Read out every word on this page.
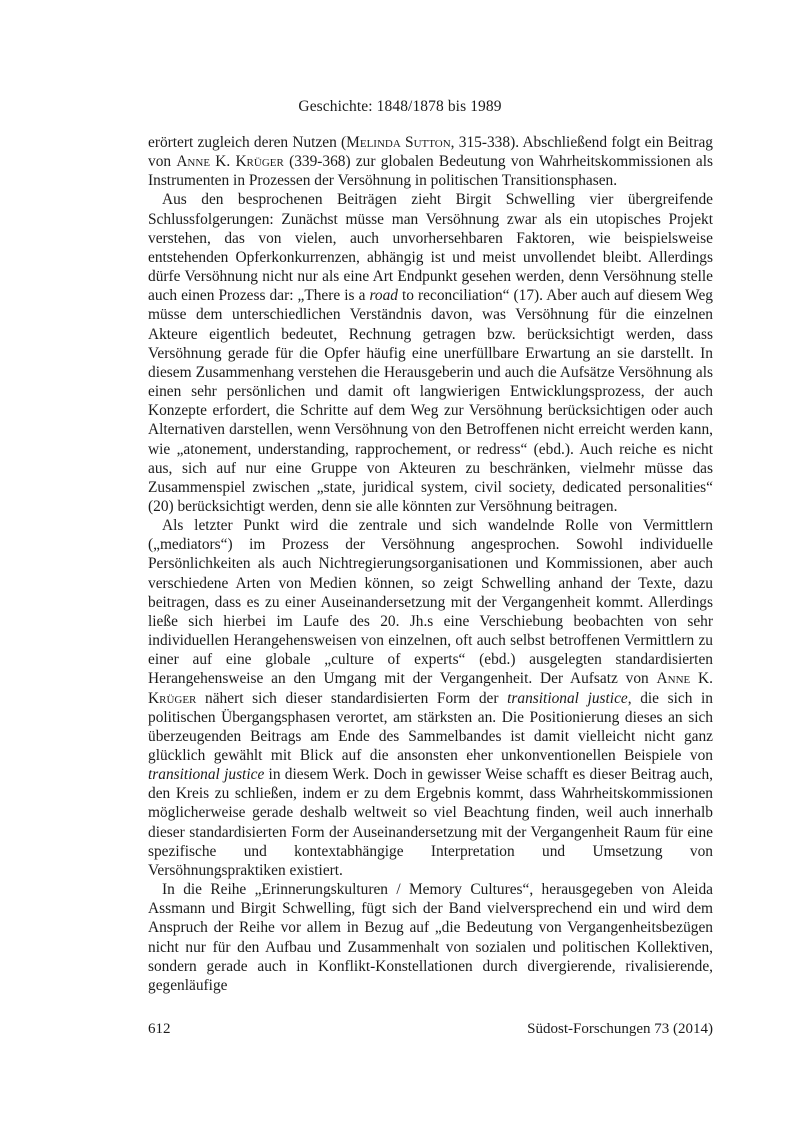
Geschichte: 1848/1878 bis 1989

erörtert zugleich deren Nutzen (Melinda Sutton, 315-338). Abschließend folgt ein Beitrag von Anne K. Krüger (339-368) zur globalen Bedeutung von Wahrheitskommissionen als Instrumenten in Prozessen der Versöhnung in politischen Transitionsphasen.

Aus den besprochenen Beiträgen zieht Birgit Schwelling vier übergreifende Schlussfolgerungen: Zunächst müsse man Versöhnung zwar als ein utopisches Projekt verstehen, das von vielen, auch unvorhersehbaren Faktoren, wie beispielsweise entstehenden Opferkonkurrenzen, abhängig ist und meist unvollendet bleibt. Allerdings dürfe Versöhnung nicht nur als eine Art Endpunkt gesehen werden, denn Versöhnung stelle auch einen Prozess dar: „There is a road to reconciliation“ (17). Aber auch auf diesem Weg müsse dem unterschiedlichen Verständnis davon, was Versöhnung für die einzelnen Akteure eigentlich bedeutet, Rechnung getragen bzw. berücksichtigt werden, dass Versöhnung gerade für die Opfer häufig eine unerfüllbare Erwartung an sie darstellt. In diesem Zusammenhang verstehen die Herausgeberin und auch die Aufsätze Versöhnung als einen sehr persönlichen und damit oft langwierigen Entwicklungsprozess, der auch Konzepte erfordert, die Schritte auf dem Weg zur Versöhnung berücksichtigen oder auch Alternativen darstellen, wenn Versöhnung von den Betroffenen nicht erreicht werden kann, wie „atonement, understanding, rapprochement, or redress“ (ebd.). Auch reiche es nicht aus, sich auf nur eine Gruppe von Akteuren zu beschränken, vielmehr müsse das Zusammenspiel zwischen „state, juridical system, civil society, dedicated personalities“ (20) berücksichtigt werden, denn sie alle könnten zur Versöhnung beitragen.

Als letzter Punkt wird die zentrale und sich wandelnde Rolle von Vermittlern („mediators“) im Prozess der Versöhnung angesprochen. Sowohl individuelle Persönlichkeiten als auch Nichtregierungsorganisationen und Kommissionen, aber auch verschiedene Arten von Medien können, so zeigt Schwelling anhand der Texte, dazu beitragen, dass es zu einer Auseinandersetzung mit der Vergangenheit kommt. Allerdings ließe sich hierbei im Laufe des 20. Jh.s eine Verschiebung beobachten von sehr individuellen Herangehensweisen von einzelnen, oft auch selbst betroffenen Vermittlern zu einer auf eine globale „culture of experts“ (ebd.) ausgelegten standardisierten Herangehensweise an den Umgang mit der Vergangenheit. Der Aufsatz von Anne K. Krüger nähert sich dieser standardisierten Form der transitional justice, die sich in politischen Übergangsphasen verortet, am stärksten an. Die Positionierung dieses an sich überzeugenden Beitrags am Ende des Sammelbandes ist damit vielleicht nicht ganz glücklich gewählt mit Blick auf die ansonsten eher unkonventionellen Beispiele von transitional justice in diesem Werk. Doch in gewisser Weise schafft es dieser Beitrag auch, den Kreis zu schließen, indem er zu dem Ergebnis kommt, dass Wahrheitskommissionen möglicherweise gerade deshalb weltweit so viel Beachtung finden, weil auch innerhalb dieser standardisierten Form der Auseinandersetzung mit der Vergangenheit Raum für eine spezifische und kontextabhängige Interpretation und Umsetzung von Versöhnungspraktiken existiert.

In die Reihe „Erinnerungskulturen / Memory Cultures“, herausgegeben von Aleida Assmann und Birgit Schwelling, fügt sich der Band vielversprechend ein und wird dem Anspruch der Reihe vor allem in Bezug auf „die Bedeutung von Vergangenheitsbezügen nicht nur für den Aufbau und Zusammenhalt von sozialen und politischen Kollektiven, sondern gerade auch in Konflikt-Konstellationen durch divergierende, rivalisierende, gegenläufige

612	Südost-Forschungen 73 (2014)
